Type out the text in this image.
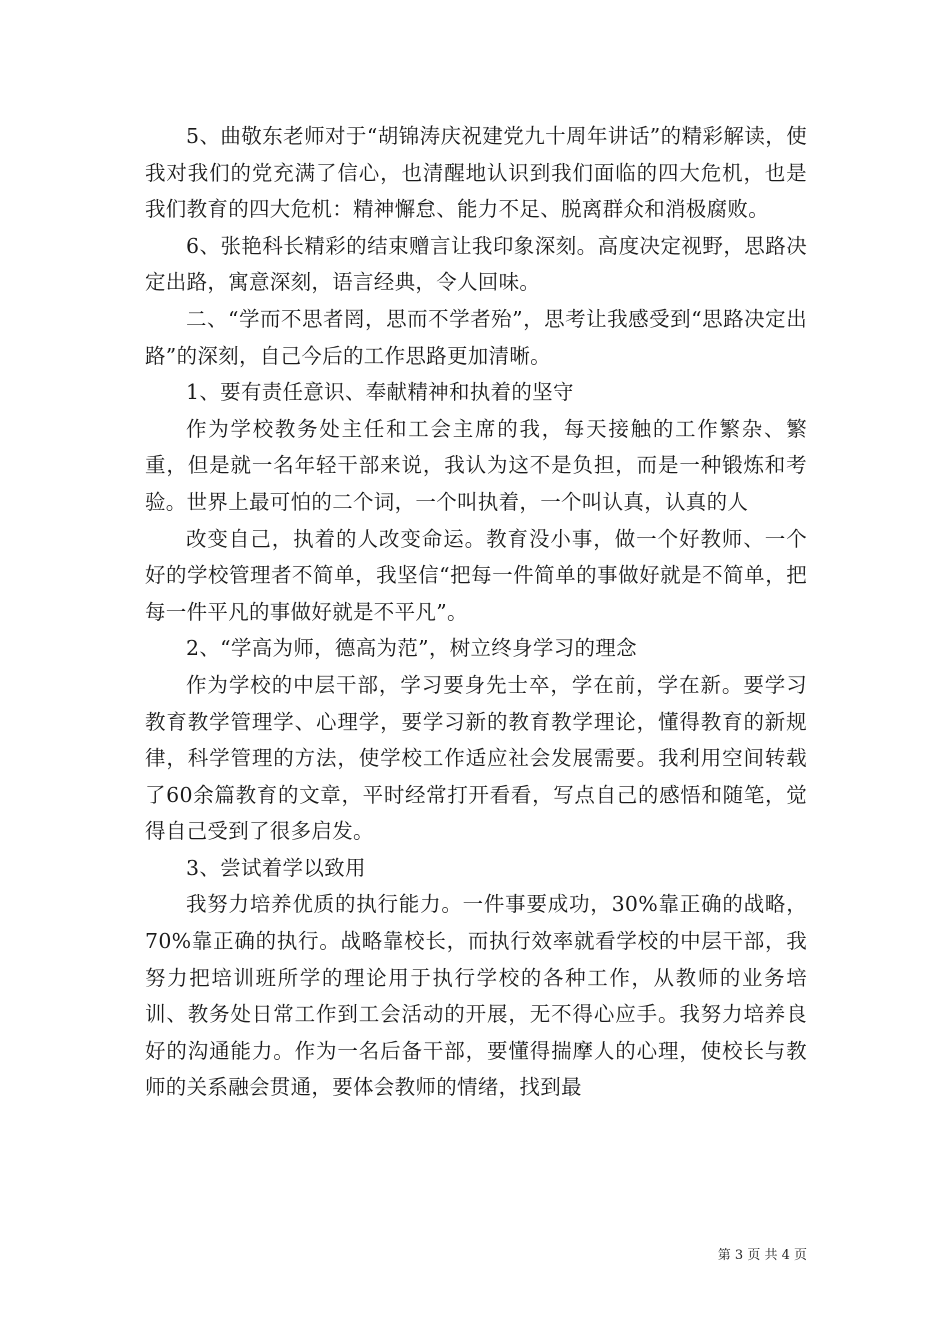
5、曲敬东老师对于“胡锦涛庆祝建党九十周年讲话”的精彩解读，使我对我们的党充满了信心，也清醒地认识到我们面临的四大危机，也是我们教育的四大危机：精神懈怠、能力不足、脱离群众和消极腐败。

6、张艳科长精彩的结束赠言让我印象深刻。高度决定视野，思路决定出路，寓意深刻，语言经典，令人回味。

二、“学而不思者罔，思而不学者殆”，思考让我感受到“思路决定出路”的深刻，自己今后的工作思路更加清晰。

1、要有责任意识、奉献精神和执着的坚守

作为学校教务处主任和工会主席的我，每天接触的工作繁杂、繁重，但是就一名年轻干部来说，我认为这不是负担，而是一种锻炼和考验。世界上最可怕的二个词，一个叫执着，一个叫认真，认真的人

改变自己，执着的人改变命运。教育没小事，做一个好教师、一个好的学校管理者不简单，我坚信“把每一件简单的事做好就是不简单，把每一件平凡的事做好就是不平凡”。

2、“学高为师，德高为范”，树立终身学习的理念

作为学校的中层干部，学习要身先士卒，学在前，学在新。要学习教育教学管理学、心理学，要学习新的教育教学理论，懂得教育的新规律，科学管理的方法，使学校工作适应社会发展需要。我利用空间转载了60余篇教育的文章，平时经常打开看看，写点自己的感悟和随笔，觉得自己受到了很多启发。

3、尝试着学以致用

我努力培养优质的执行能力。一件事要成功，30%靠正确的战略，70%靠正确的执行。战略靠校长，而执行效率就看学校的中层干部，我努力把培训班所学的理论用于执行学校的各种工作，从教师的业务培训、教务处日常工作到工会活动的开展，无不得心应手。我努力培养良好的沟通能力。作为一名后备干部，要懂得揣摩人的心理，使校长与教师的关系融会贯通，要体会教师的情绪，找到最

第 3 页 共 4 页
